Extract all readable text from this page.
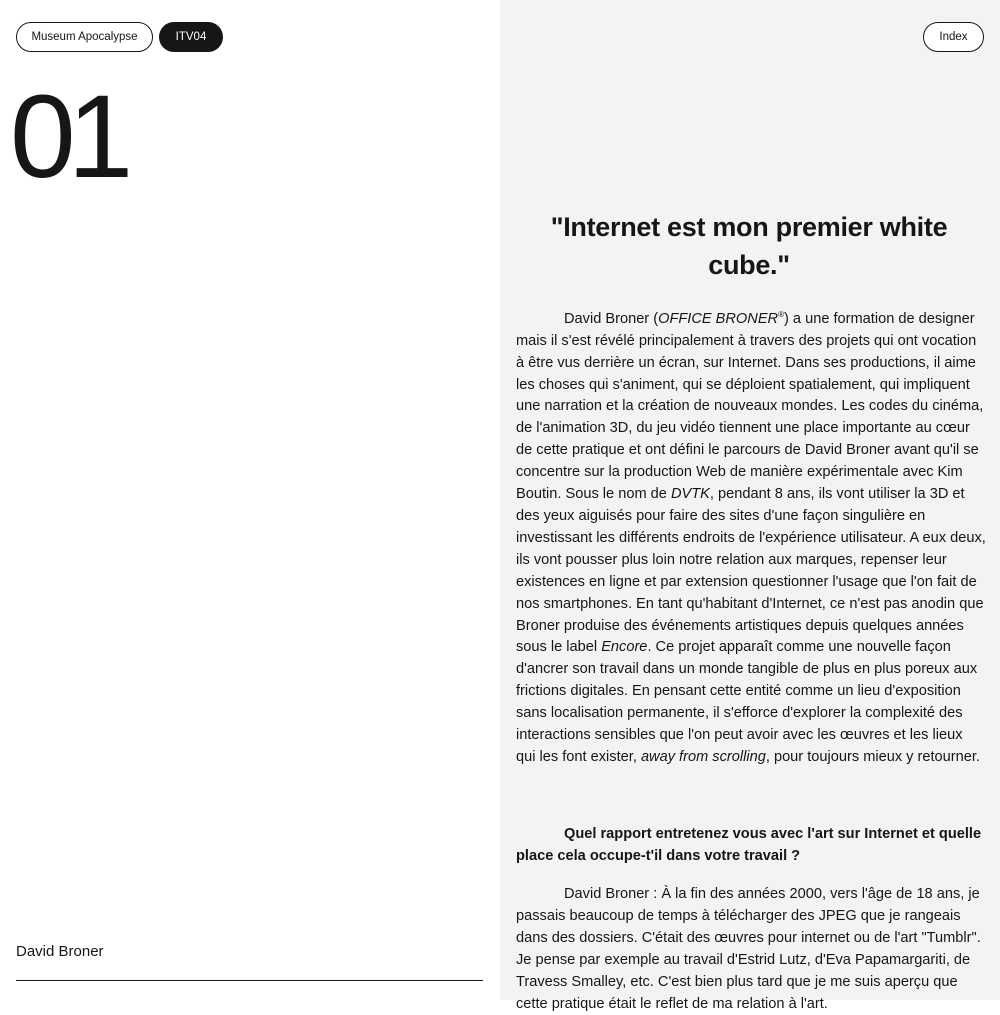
Museum Apocalypse	ITV04
01
David Broner
Index
"Internet est mon premier white cube."

David Broner (OFFICE BRONER®) a une formation de designer mais il s'est révélé principalement à travers des projets qui ont vocation à être vus derrière un écran, sur Internet. Dans ses productions, il aime les choses qui s'animent, qui se déploient spatialement, qui impliquent une narration et la création de nouveaux mondes. Les codes du cinéma, de l'animation 3D, du jeu vidéo tiennent une place importante au cœur de cette pratique et ont défini le parcours de David Broner avant qu'il se concentre sur la production Web de manière expérimentale avec Kim Boutin. Sous le nom de DVTK, pendant 8 ans, ils vont utiliser la 3D et des yeux aiguisés pour faire des sites d'une façon singulière en investissant les différents endroits de l'expérience utilisateur. A eux deux, ils vont pousser plus loin notre relation aux marques, repenser leur existences en ligne et par extension questionner l'usage que l'on fait de nos smartphones. En tant qu'habitant d'Internet, ce n'est pas anodin que Broner produise des événements artistiques depuis quelques années sous le label Encore. Ce projet apparaît comme une nouvelle façon d'ancrer son travail dans un monde tangible de plus en plus poreux aux frictions digitales. En pensant cette entité comme un lieu d'exposition sans localisation permanente, il s'efforce d'explorer la complexité des interactions sensibles que l'on peut avoir avec les œuvres et les lieux qui les font exister, away from scrolling, pour toujours mieux y retourner.

Quel rapport entretenez vous avec l'art sur Internet et quelle place cela occupe-t'il dans votre travail ?

David Broner : À la fin des années 2000, vers l'âge de 18 ans, je passais beaucoup de temps à télécharger des JPEG que je rangeais dans des dossiers. C'était des œuvres pour internet ou de l'art "Tumblr". Je pense par exemple au travail d'Estrid Lutz, d'Eva Papamargariti, de Travess Smalley, etc. C'est bien plus tard que je me suis aperçu que cette pratique était le reflet de ma relation à l'art.
